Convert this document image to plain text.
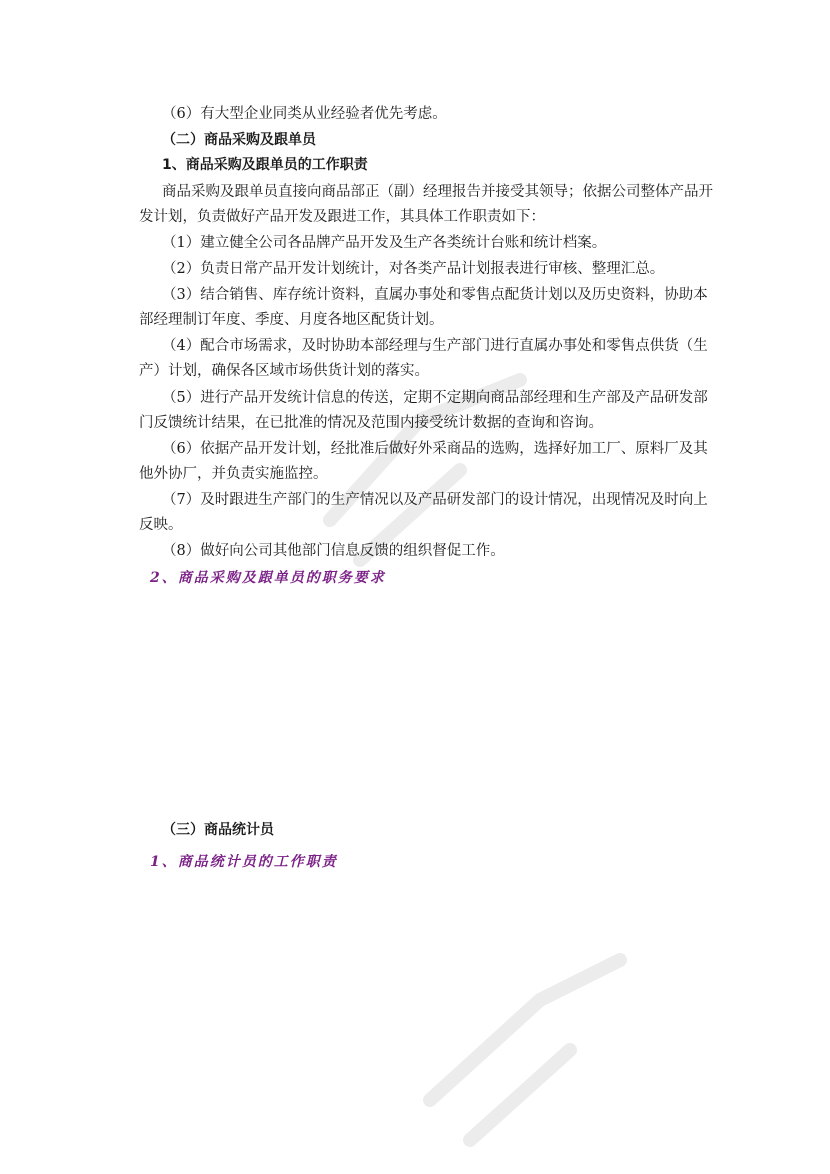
（6）有大型企业同类从业经验者优先考虑。
（二）商品采购及跟单员
1、商品采购及跟单员的工作职责
商品采购及跟单员直接向商品部正（副）经理报告并接受其领导；依据公司整体产品开
发计划，负责做好产品开发及跟进工作，其具体工作职责如下：
（1）建立健全公司各品牌产品开发及生产各类统计台账和统计档案。
（2）负责日常产品开发计划统计，对各类产品计划报表进行审核、整理汇总。
（3）结合销售、库存统计资料，直属办事处和零售点配货计划以及历史资料，协助本
部经理制订年度、季度、月度各地区配货计划。
（4）配合市场需求，及时协助本部经理与生产部门进行直属办事处和零售点供货（生
产）计划，确保各区域市场供货计划的落实。
（5）进行产品开发统计信息的传送，定期不定期向商品部经理和生产部及产品研发部
门反馈统计结果，在已批准的情况及范围内接受统计数据的查询和咨询。
（6）依据产品开发计划，经批准后做好外采商品的选购，选择好加工厂、原料厂及其
他外协厂，并负责实施监控。
（7）及时跟进生产部门的生产情况以及产品研发部门的设计情况，出现情况及时向上
反映。
（8）做好向公司其他部门信息反馈的组织督促工作。
2、商品采购及跟单员的职务要求
（三）商品统计员
1、商品统计员的工作职责
